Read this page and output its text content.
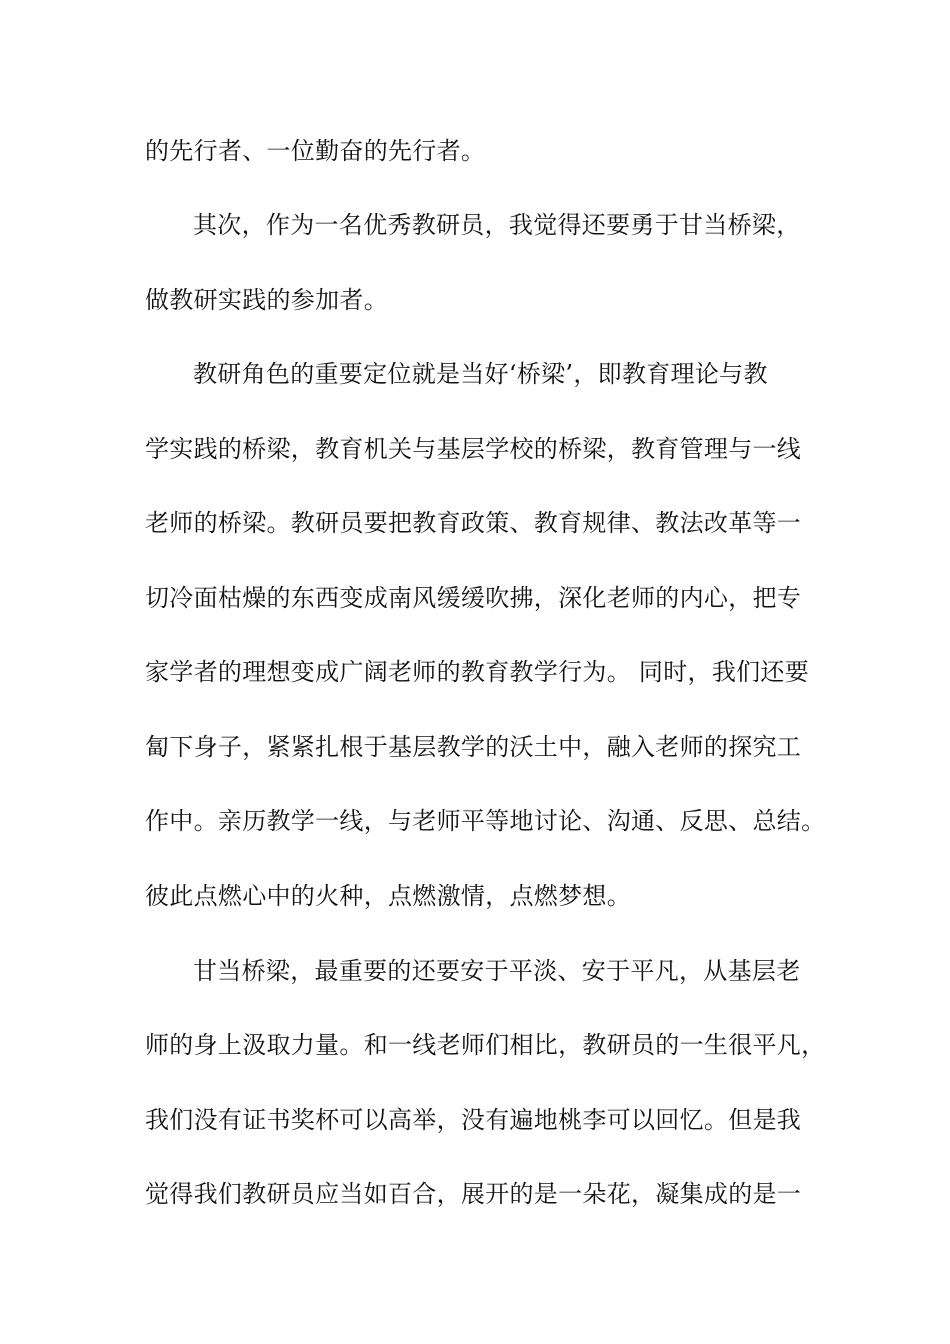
的先行者、一位勤奋的先行者。
其次，作为一名优秀教研员，我觉得还要勇于甘当桥梁，
做教研实践的参加者。
教研角色的重要定位就是当好‘桥梁’，即教育理论与教
学实践的桥梁，教育机关与基层学校的桥梁，教育管理与一线
老师的桥梁。教研员要把教育政策、教育规律、教法改革等一
切冷面枯燥的东西变成南风缓缓吹拂，深化老师的内心，把专
家学者的理想变成广阔老师的教育教学行为。 同时，我们还要
匐下身子，紧紧扎根于基层教学的沃土中，融入老师的探究工
作中。亲历教学一线，与老师平等地讨论、沟通、反思、总结。
彼此点燃心中的火种，点燃激情，点燃梦想。
甘当桥梁，最重要的还要安于平淡、安于平凡，从基层老
师的身上汲取力量。和一线老师们相比，教研员的一生很平凡，
我们没有证书奖杯可以高举，没有遍地桃李可以回忆。但是我
觉得我们教研员应当如百合，展开的是一朵花，凝集成的是一
